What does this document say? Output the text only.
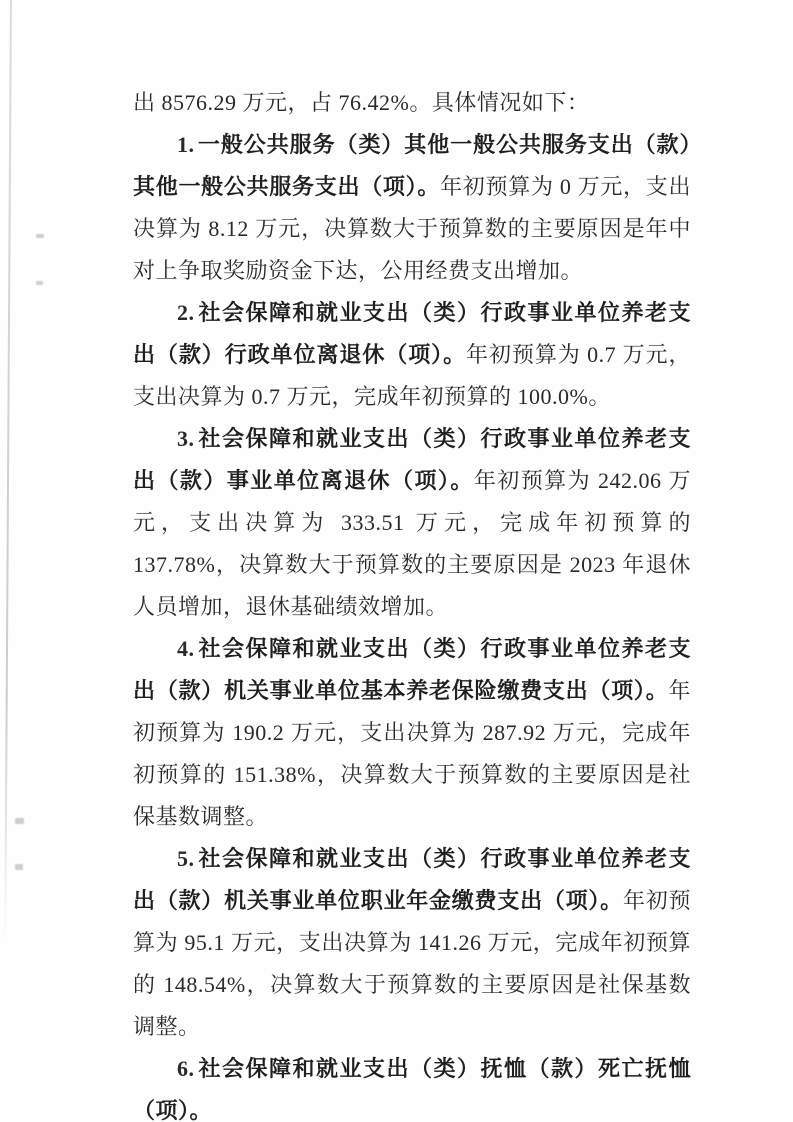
出 8576.29 万元，占 76.42%。具体情况如下：

1. 一般公共服务（类）其他一般公共服务支出（款）其他一般公共服务支出（项）。年初预算为 0 万元，支出决算为 8.12 万元，决算数大于预算数的主要原因是年中对上争取奖励资金下达，公用经费支出增加。

2. 社会保障和就业支出（类）行政事业单位养老支出（款）行政单位离退休（项）。年初预算为 0.7 万元，支出决算为 0.7 万元，完成年初预算的 100.0%。

3. 社会保障和就业支出（类）行政事业单位养老支出（款）事业单位离退休（项）。年初预算为 242.06 万元，支出决算为 333.51 万元，完成年初预算的 137.78%，决算数大于预算数的主要原因是 2023 年退休人员增加，退休基础绩效增加。

4. 社会保障和就业支出（类）行政事业单位养老支出（款）机关事业单位基本养老保险缴费支出（项）。年初预算为 190.2 万元，支出决算为 287.92 万元，完成年初预算的 151.38%，决算数大于预算数的主要原因是社保基数调整。

5. 社会保障和就业支出（类）行政事业单位养老支出（款）机关事业单位职业年金缴费支出（项）。年初预算为 95.1 万元，支出决算为 141.26 万元，完成年初预算的 148.54%，决算数大于预算数的主要原因是社保基数调整。

6. 社会保障和就业支出（类）抚恤（款）死亡抚恤（项）。
